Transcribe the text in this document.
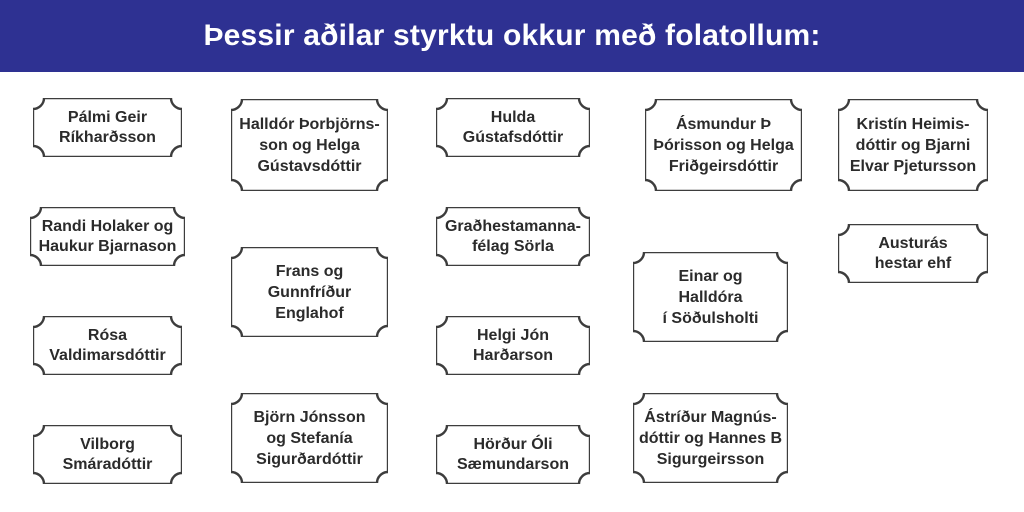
Þessir aðilar styrktu okkur með folatollum:
Pálmi Geir
Ríkharðsson
Halldór Þorbjörns-
son og Helga
Gústavsdóttir
Hulda
Gústafsdóttir
Ásmundur Þ
Þórisson og Helga
Friðgeirsdóttir
Kristín Heimis-
dóttir og Bjarni
Elvar Pjetursson
Randi Holaker og
Haukur Bjarnason
Graðhestamanna-
félag Sörla	Austurás
hestar ehf
Frans og
Gunnfríður
Englahof
Einar og
Halldóra
í Söðulsholti
Rósa
Valdimarsdóttir
Helgi Jón
Harðarson
Vilborg
Smáradóttir
Björn Jónsson
og Stefanía
Sigurðardóttir
Hörður Óli
Sæmundarson
Ástríður Magnús-
dóttir og Hannes B
Sigurgeirsson
